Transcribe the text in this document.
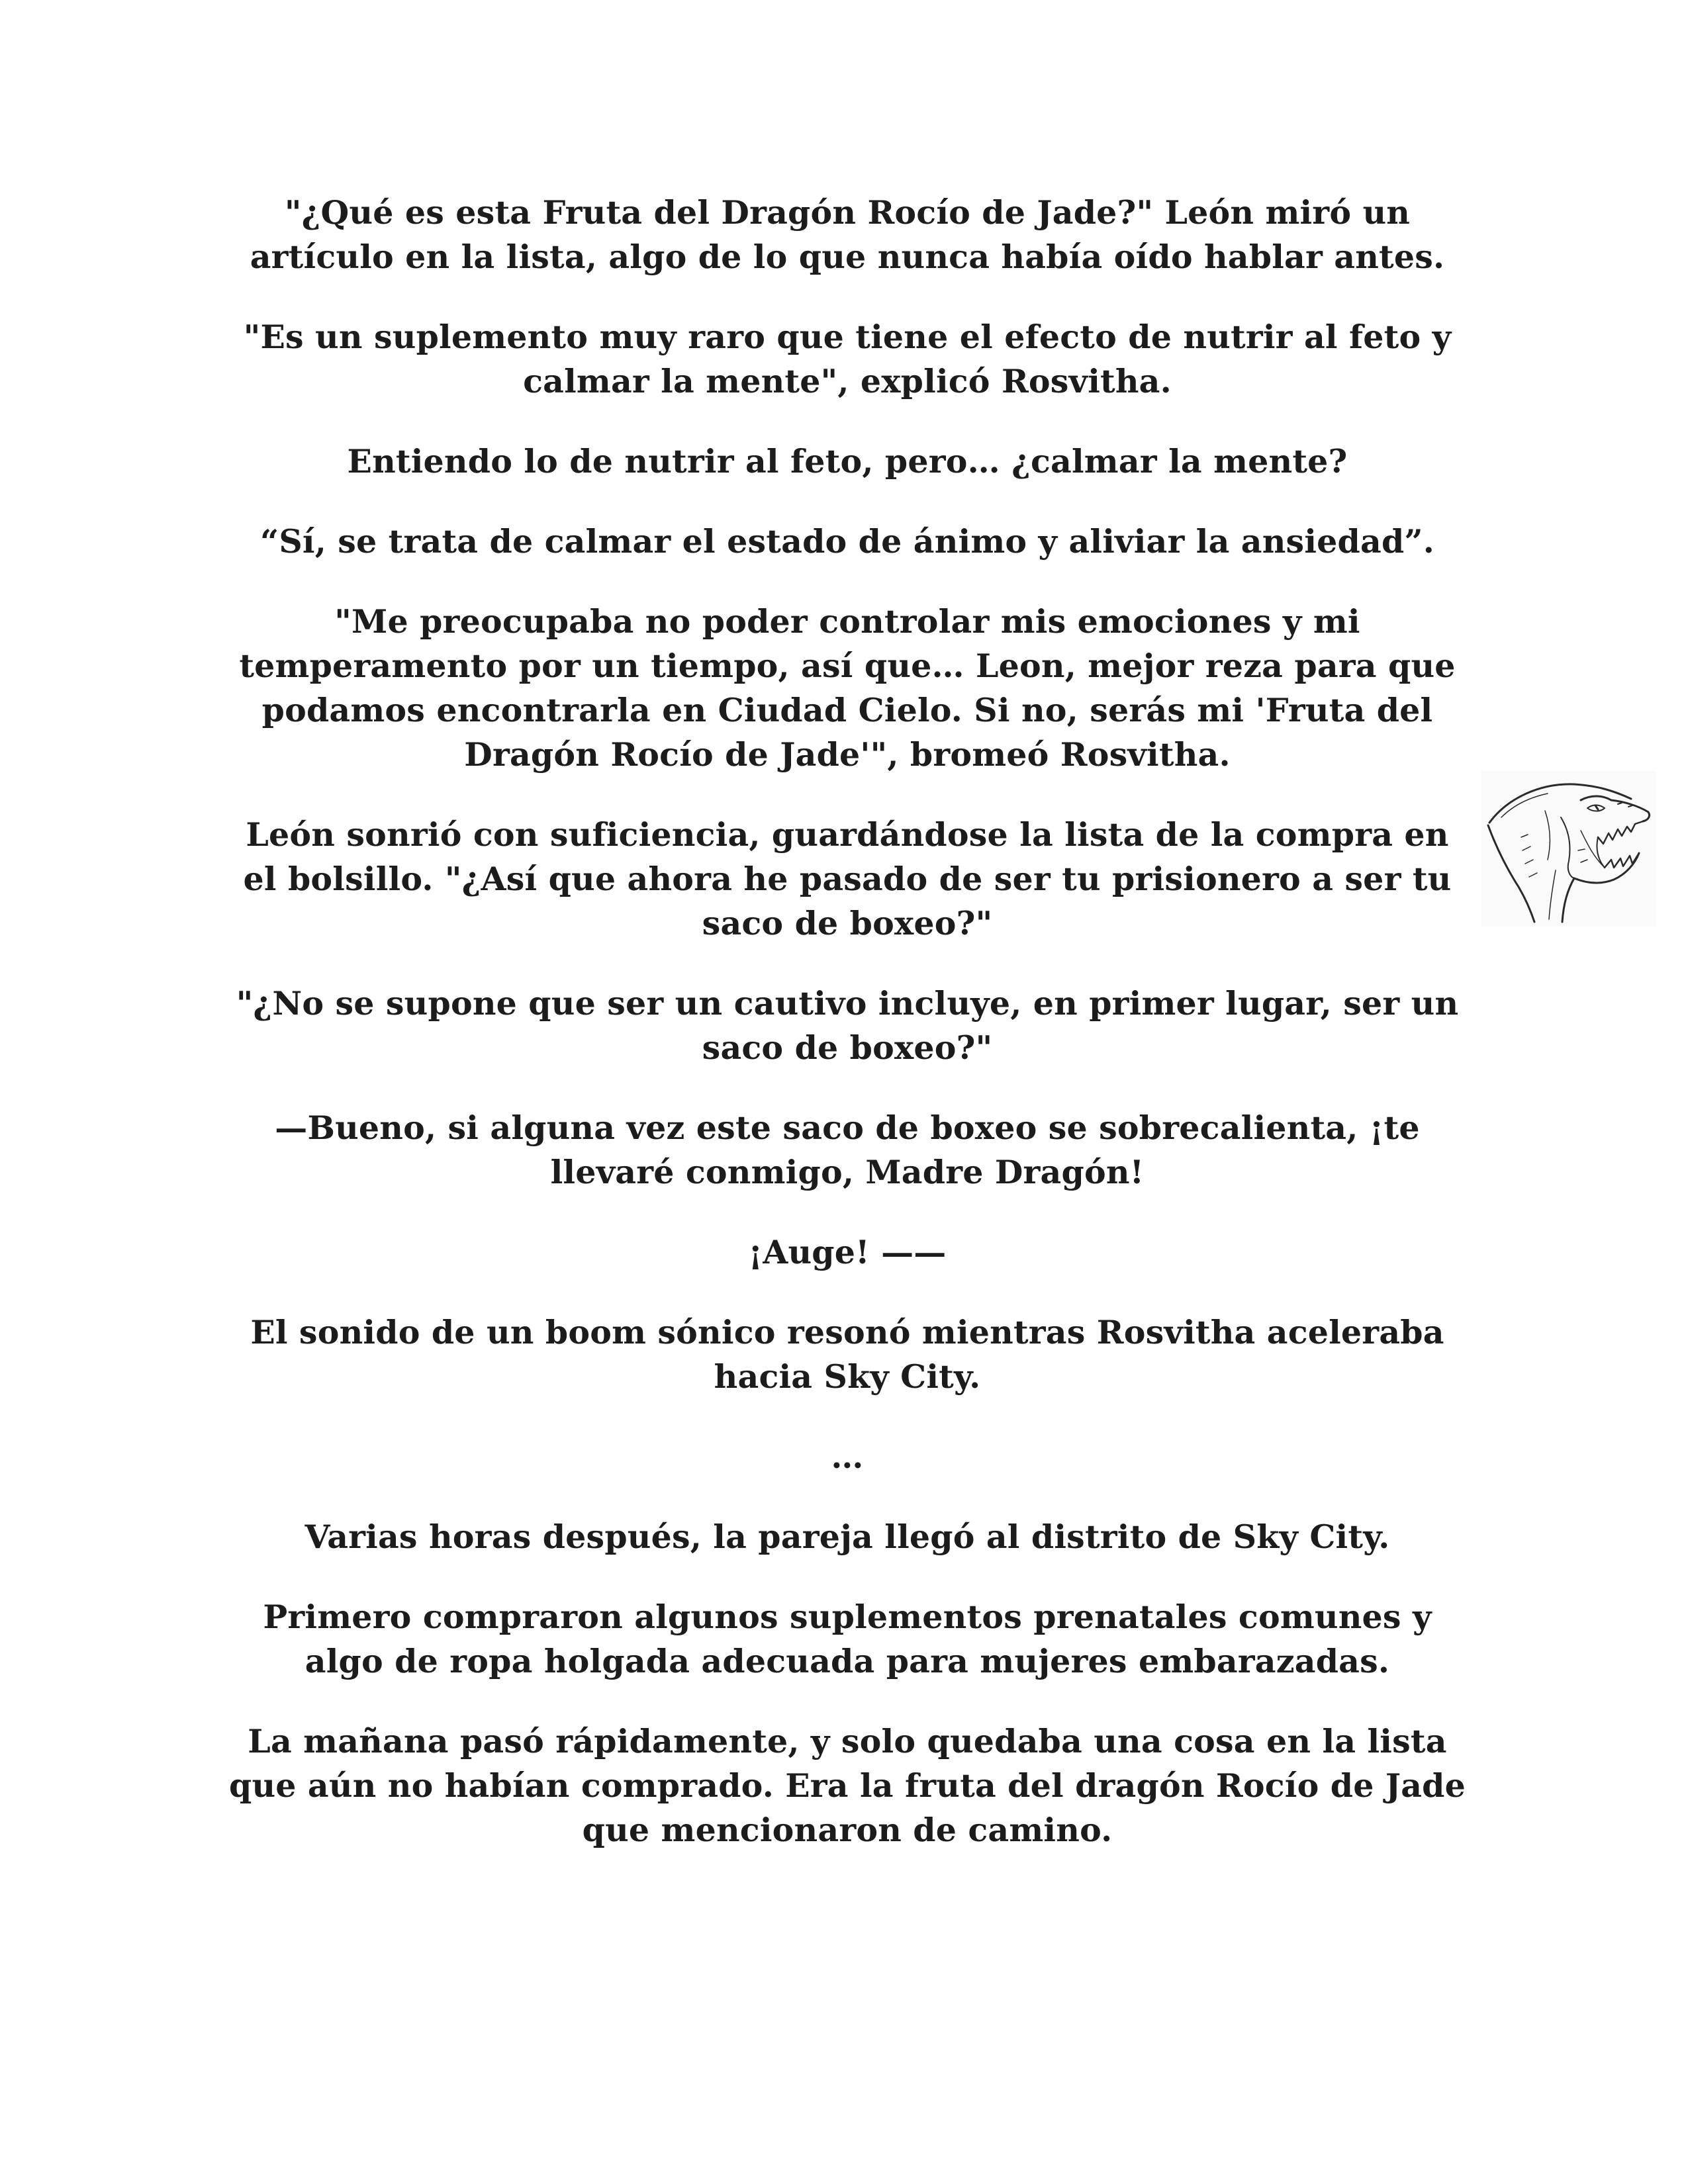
"¿Qué es esta Fruta del Dragón Rocío de Jade?" León miró un artículo en la lista, algo de lo que nunca había oído hablar antes.

"Es un suplemento muy raro que tiene el efecto de nutrir al feto y calmar la mente", explicó Rosvitha.

Entiendo lo de nutrir al feto, pero… ¿calmar la mente?

“Sí, se trata de calmar el estado de ánimo y aliviar la ansiedad”.

"Me preocupaba no poder controlar mis emociones y mi temperamento por un tiempo, así que… Leon, mejor reza para que podamos encontrarla en Ciudad Cielo. Si no, serás mi 'Fruta del Dragón Rocío de Jade'", bromeó Rosvitha.

León sonrió con suficiencia, guardándose la lista de la compra en el bolsillo. "¿Así que ahora he pasado de ser tu prisionero a ser tu saco de boxeo?"

"¿No se supone que ser un cautivo incluye, en primer lugar, ser un saco de boxeo?"

—Bueno, si alguna vez este saco de boxeo se sobrecalienta, ¡te llevaré conmigo, Madre Dragón!

¡Auge! ——

El sonido de un boom sónico resonó mientras Rosvitha aceleraba hacia Sky City.

…

Varias horas después, la pareja llegó al distrito de Sky City.

Primero compraron algunos suplementos prenatales comunes y algo de ropa holgada adecuada para mujeres embarazadas.

La mañana pasó rápidamente, y solo quedaba una cosa en la lista que aún no habían comprado. Era la fruta del dragón Rocío de Jade que mencionaron de camino.
